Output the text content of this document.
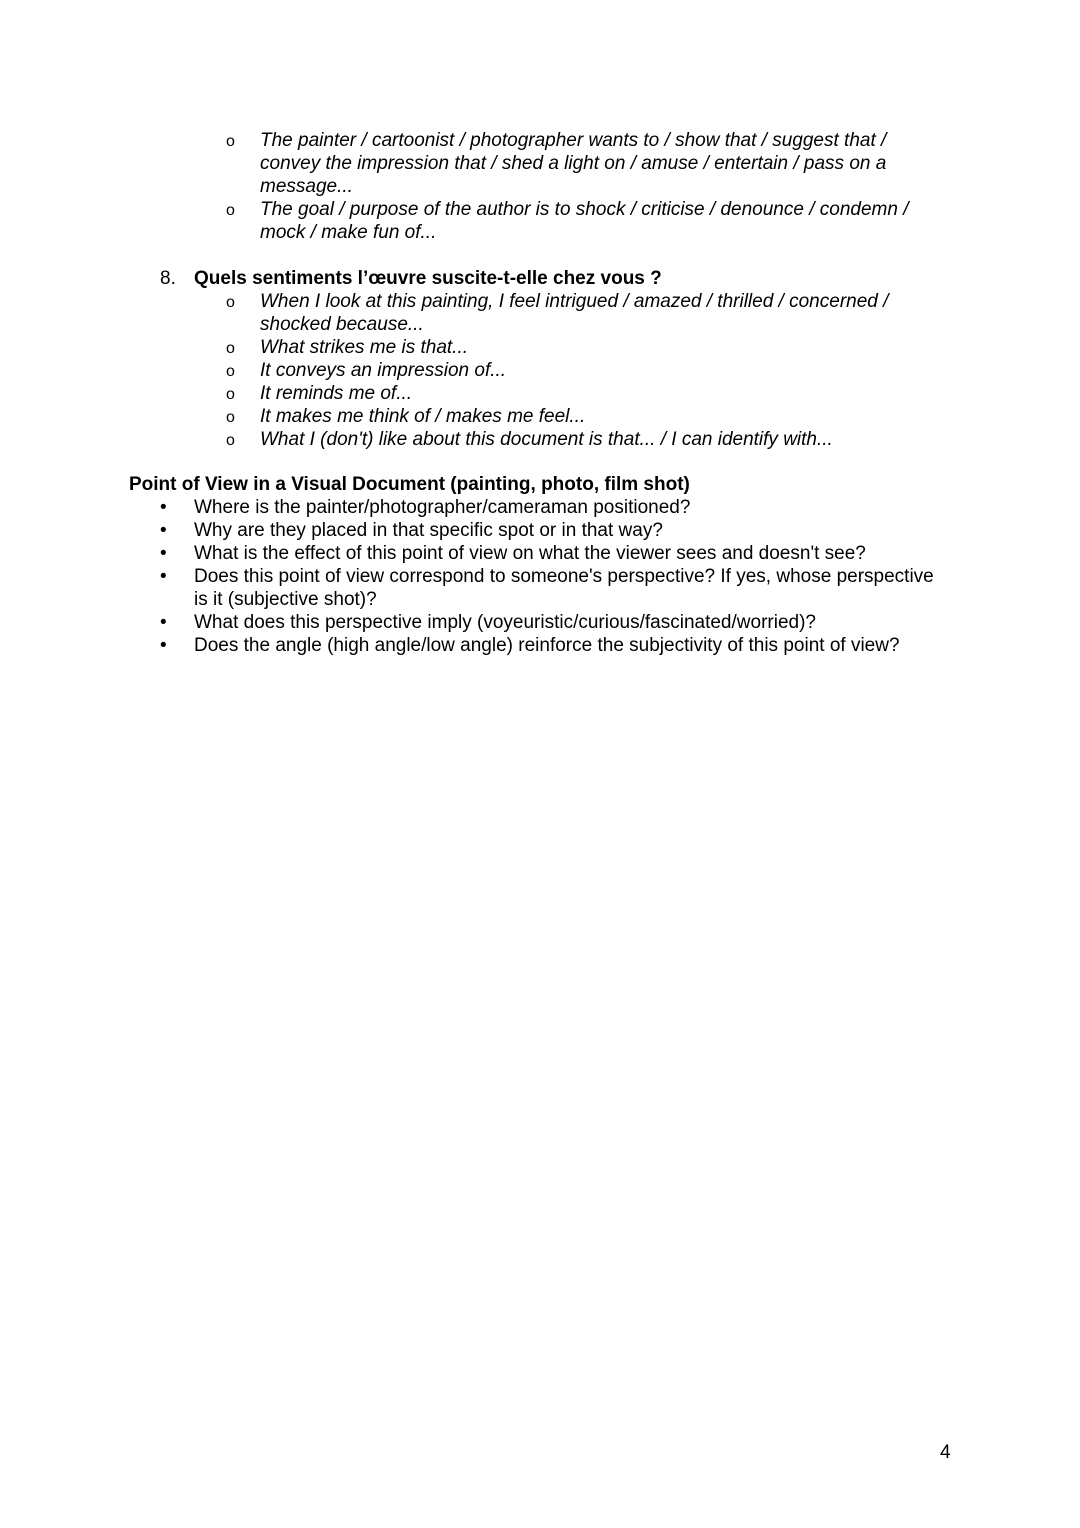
o The painter / cartoonist / photographer wants to / show that / suggest that / convey the impression that / shed a light on / amuse / entertain / pass on a message...
o The goal / purpose of the author is to shock / criticise / denounce / condemn / mock / make fun of...
8. Quels sentiments l’œuvre suscite-t-elle chez vous ?
o When I look at this painting, I feel intrigued / amazed / thrilled / concerned / shocked because...
o What strikes me is that...
o It conveys an impression of...
o It reminds me of...
o It makes me think of / makes me feel...
o What I (don't) like about this document is that... / I can identify with...
Point of View in a Visual Document (painting, photo, film shot)
• Where is the painter/photographer/cameraman positioned?
• Why are they placed in that specific spot or in that way?
• What is the effect of this point of view on what the viewer sees and doesn't see?
• Does this point of view correspond to someone's perspective? If yes, whose perspective is it (subjective shot)?
• What does this perspective imply (voyeuristic/curious/fascinated/worried)?
• Does the angle (high angle/low angle) reinforce the subjectivity of this point of view?
4
